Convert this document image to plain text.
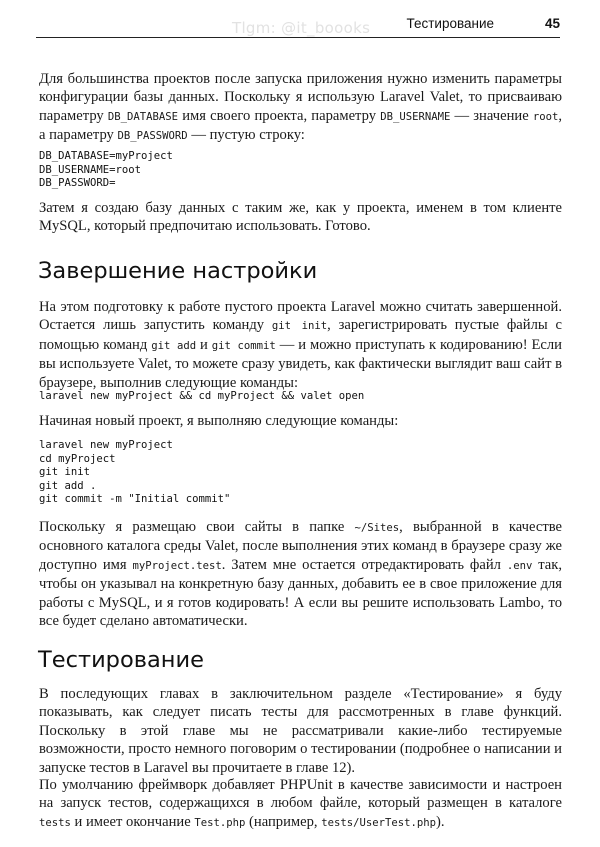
Tlgm: @it_boooks	Тестирование	45

Для большинства проектов после запуска приложения нужно изменить параметры конфигурации базы данных. Поскольку я использую Laravel Valet, то присваиваю параметру DB_DATABASE имя своего проекта, параметру DB_USERNAME — значение root, а параметру DB_PASSWORD — пустую строку:

DB_DATABASE=myProject
DB_USERNAME=root
DB_PASSWORD=

Затем я создаю базу данных с таким же, как у проекта, именем в том клиенте MySQL, который предпочитаю использовать. Готово.

Завершение настройки

На этом подготовку к работе пустого проекта Laravel можно считать завершенной. Остается лишь запустить команду git init, зарегистрировать пустые файлы с помощью команд git add и git commit — и можно приступать к кодированию! Если вы используете Valet, то можете сразу увидеть, как фактически выглядит ваш сайт в браузере, выполнив следующие команды:

laravel new myProject && cd myProject && valet open

Начиная новый проект, я выполняю следующие команды:

laravel new myProject
cd myProject
git init
git add .
git commit -m "Initial commit"

Поскольку я размещаю свои сайты в папке ~/Sites, выбранной в качестве основного каталога среды Valet, после выполнения этих команд в браузере сразу же доступно имя myProject.test. Затем мне остается отредактировать файл .env так, чтобы он указывал на конкретную базу данных, добавить ее в свое приложение для работы с MySQL, и я готов кодировать! А если вы решите использовать Lambo, то все будет сделано автоматически.

Тестирование

В последующих главах в заключительном разделе «Тестирование» я буду показывать, как следует писать тесты для рассмотренных в главе функций. Поскольку в этой главе мы не рассматривали какие-либо тестируемые возможности, просто немного поговорим о тестировании (подробнее о написании и запуске тестов в Laravel вы прочитаете в главе 12).

По умолчанию фреймворк добавляет PHPUnit в качестве зависимости и настроен на запуск тестов, содержащихся в любом файле, который размещен в каталоге tests и имеет окончание Test.php (например, tests/UserTest.php).
